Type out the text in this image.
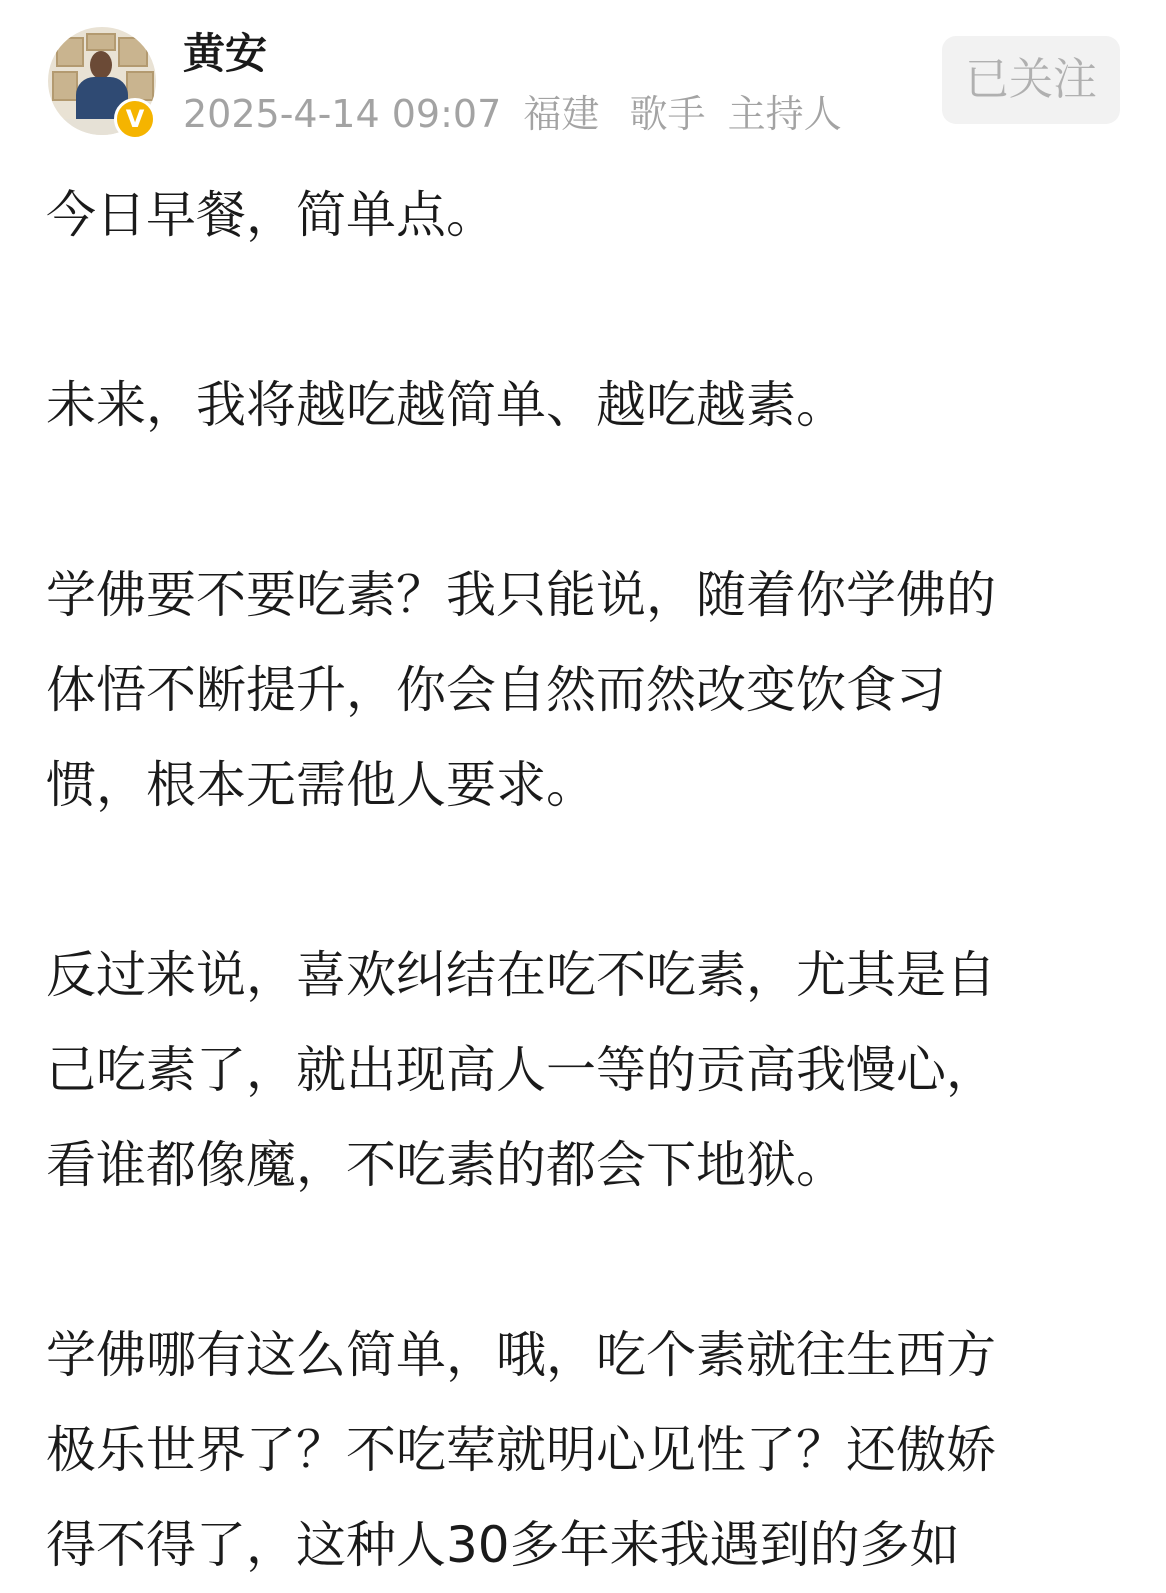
V
黄安
2025-4-14 09:07 福建 歌手 主持人
已关注

今日早餐，简单点。

未来，我将越吃越简单、越吃越素。

学佛要不要吃素？我只能说，随着你学佛的

体悟不断提升，你会自然而然改变饮食习

惯，根本无需他人要求。

反过来说，喜欢纠结在吃不吃素，尤其是自

己吃素了，就出现高人一等的贡高我慢心，

看谁都像魔，不吃素的都会下地狱。

学佛哪有这么简单，哦，吃个素就往生西方

极乐世界了？不吃荤就明心见性了？还傲娇

得不得了，这种人30多年来我遇到的多如
